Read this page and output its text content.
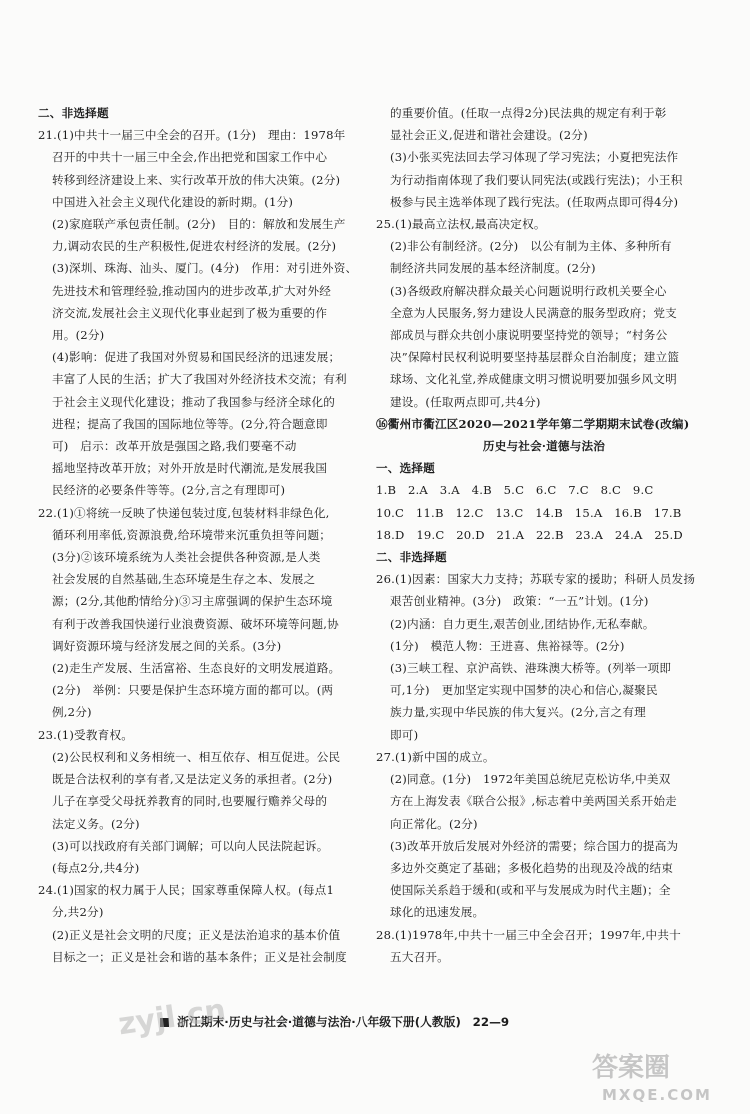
二、非选择题

21.(1)中共十一届三中全会的召开。(1分)　理由：1978年

召开的中共十一届三中全会,作出把党和国家工作中心

转移到经济建设上来、实行改革开放的伟大决策。(2分)

中国进入社会主义现代化建设的新时期。(1分)

(2)家庭联产承包责任制。(2分)　目的：解放和发展生产

力,调动农民的生产积极性,促进农村经济的发展。(2分)

(3)深圳、珠海、汕头、厦门。(4分)　作用：对引进外资、

先进技术和管理经验,推动国内的进步改革,扩大对外经

济交流,发展社会主义现代化事业起到了极为重要的作

用。(2分)

(4)影响：促进了我国对外贸易和国民经济的迅速发展；

丰富了人民的生活；扩大了我国对外经济技术交流；有利

于社会主义现代化建设；推动了我国参与经济全球化的

进程；提高了我国的国际地位等等。(2分,符合题意即

可)　启示：改革开放是强国之路,我们要毫不动

摇地坚持改革开放；对外开放是时代潮流,是发展我国

民经济的必要条件等等。(2分,言之有理即可)

22.(1)①将统一反映了快递包装过度,包装材料非绿色化,

循环利用率低,资源浪费,给环境带来沉重负担等问题；

(3分)②该环境系统为人类社会提供各种资源,是人类

社会发展的自然基础,生态环境是生存之本、发展之

源；(2分,其他酌情给分)③习主席强调的保护生态环境

有利于改善我国快递行业浪费资源、破坏环境等问题,协

调好资源环境与经济发展之间的关系。(3分)

(2)走生产发展、生活富裕、生态良好的文明发展道路。

(2分)　举例：只要是保护生态环境方面的都可以。(两

例,2分)

23.(1)受教育权。

(2)公民权利和义务相统一、相互依存、相互促进。公民

既是合法权利的享有者,又是法定义务的承担者。(2分)

儿子在享受父母抚养教育的同时,也要履行赡养父母的

法定义务。(2分)

(3)可以找政府有关部门调解；可以向人民法院起诉。

(每点2分,共4分)

24.(1)国家的权力属于人民；国家尊重保障人权。(每点1

分,共2分)

(2)正义是社会文明的尺度；正义是法治追求的基本价值

目标之一；正义是社会和谐的基本条件；正义是社会制度

的重要价值。(任取一点得2分)民法典的规定有利于彰

显社会正义,促进和谐社会建设。(2分)

(3)小张买宪法回去学习体现了学习宪法；小夏把宪法作

为行动指南体现了我们要认同宪法(或践行宪法)；小王积

极参与民主选举体现了践行宪法。(任取两点即可得4分)

25.(1)最高立法权,最高决定权。

(2)非公有制经济。(2分)　以公有制为主体、多种所有

制经济共同发展的基本经济制度。(2分)

(3)各级政府解决群众最关心问题说明行政机关要全心

全意为人民服务,努力建设人民满意的服务型政府；党支

部成员与群众共创小康说明要坚持党的领导；“村务公

决”保障村民权利说明要坚持基层群众自治制度；建立篮

球场、文化礼堂,养成健康文明习惯说明要加强乡风文明

建设。(任取两点即可,共4分)

⑯衢州市衢江区2020—2021学年第二学期期末试卷(改编)

历史与社会·道德与法治

一、选择题

1.B　2.A　3.A　4.B　5.C　6.C　7.C　8.C　9.C

10.C　11.B　12.C　13.C　14.B　15.A　16.B　17.B

18.D　19.C　20.D　21.A　22.B　23.A　24.A　25.D

二、非选择题

26.(1)因素：国家大力支持；苏联专家的援助；科研人员发扬

艰苦创业精神。(3分)　政策：“一五”计划。(1分)

(2)内涵：自力更生,艰苦创业,团结协作,无私奉献。

(1分)　模范人物：王进喜、焦裕禄等。(2分)

(3)三峡工程、京沪高铁、港珠澳大桥等。(列举一项即

可,1分)　更加坚定实现中国梦的决心和信心,凝聚民

族力量,实现中华民族的伟大复兴。(2分,言之有理

即可)

27.(1)新中国的成立。

(2)同意。(1分)　1972年美国总统尼克松访华,中美双

方在上海发表《联合公报》,标志着中美两国关系开始走

向正常化。(2分)

(3)改革开放后发展对外经济的需要；综合国力的提高为

多边外交奠定了基础；多极化趋势的出现及冷战的结束

使国际关系趋于缓和(或和平与发展成为时代主题)；全

球化的迅速发展。

28.(1)1978年,中共十一届三中全会召开；1997年,中共十

五大召开。

浙江期末·历史与社会·道德与法治·八年级下册(人教版)　22—9
zyjl.cn
答案圈
MXQE.COM
